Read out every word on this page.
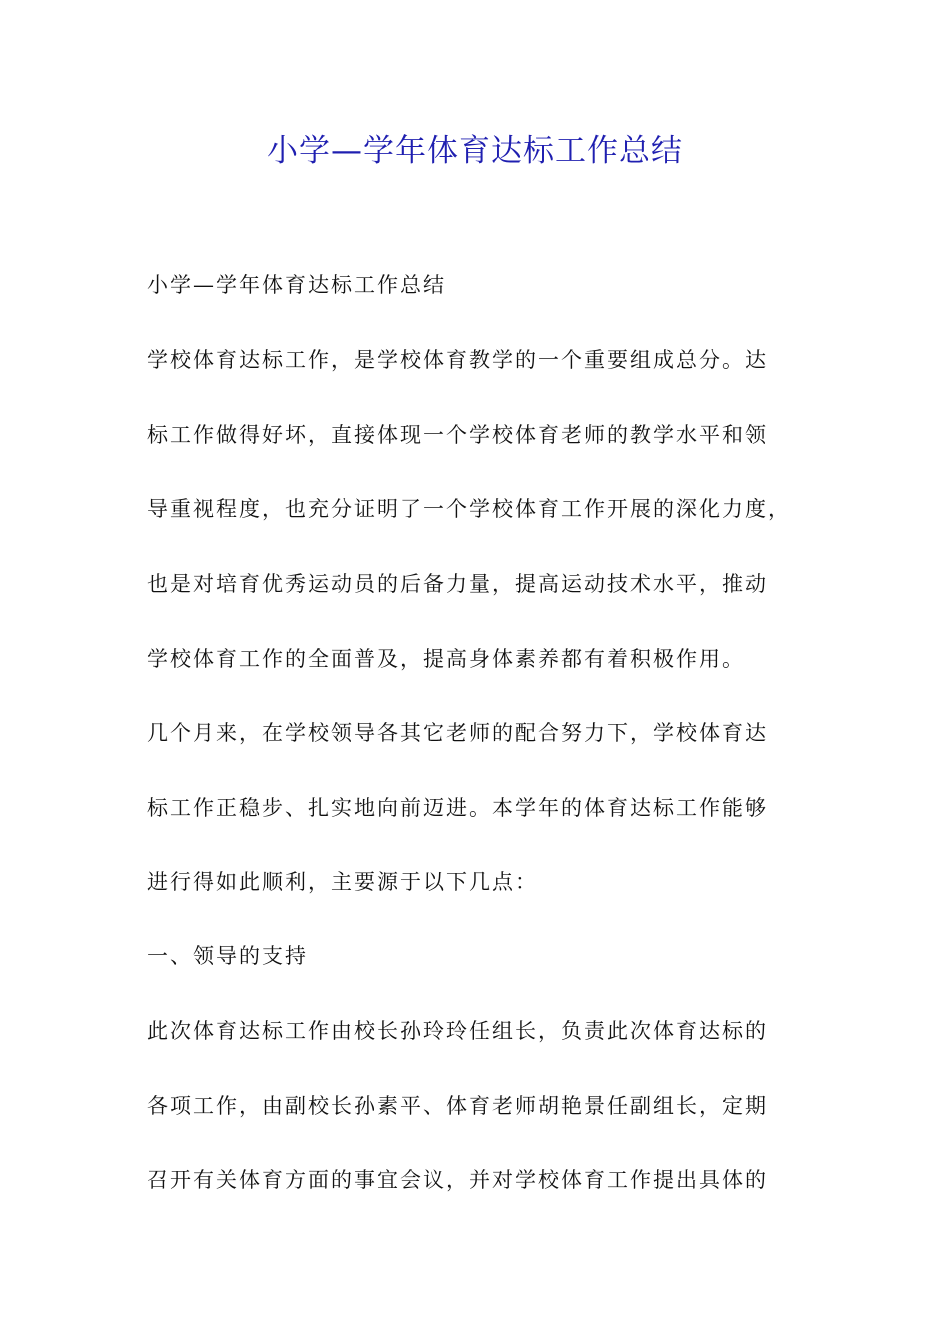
小学—学年体育达标工作总结
小学—学年体育达标工作总结
学校体育达标工作，是学校体育教学的一个重要组成总分。达
标工作做得好坏，直接体现一个学校体育老师的教学水平和领
导重视程度，也充分证明了一个学校体育工作开展的深化力度，
也是对培育优秀运动员的后备力量，提高运动技术水平，推动
学校体育工作的全面普及，提高身体素养都有着积极作用。
几个月来，在学校领导各其它老师的配合努力下，学校体育达
标工作正稳步、扎实地向前迈进。本学年的体育达标工作能够
进行得如此顺利，主要源于以下几点：
一、领导的支持
此次体育达标工作由校长孙玲玲任组长，负责此次体育达标的
各项工作，由副校长孙素平、体育老师胡艳景任副组长，定期
召开有关体育方面的事宜会议，并对学校体育工作提出具体的
